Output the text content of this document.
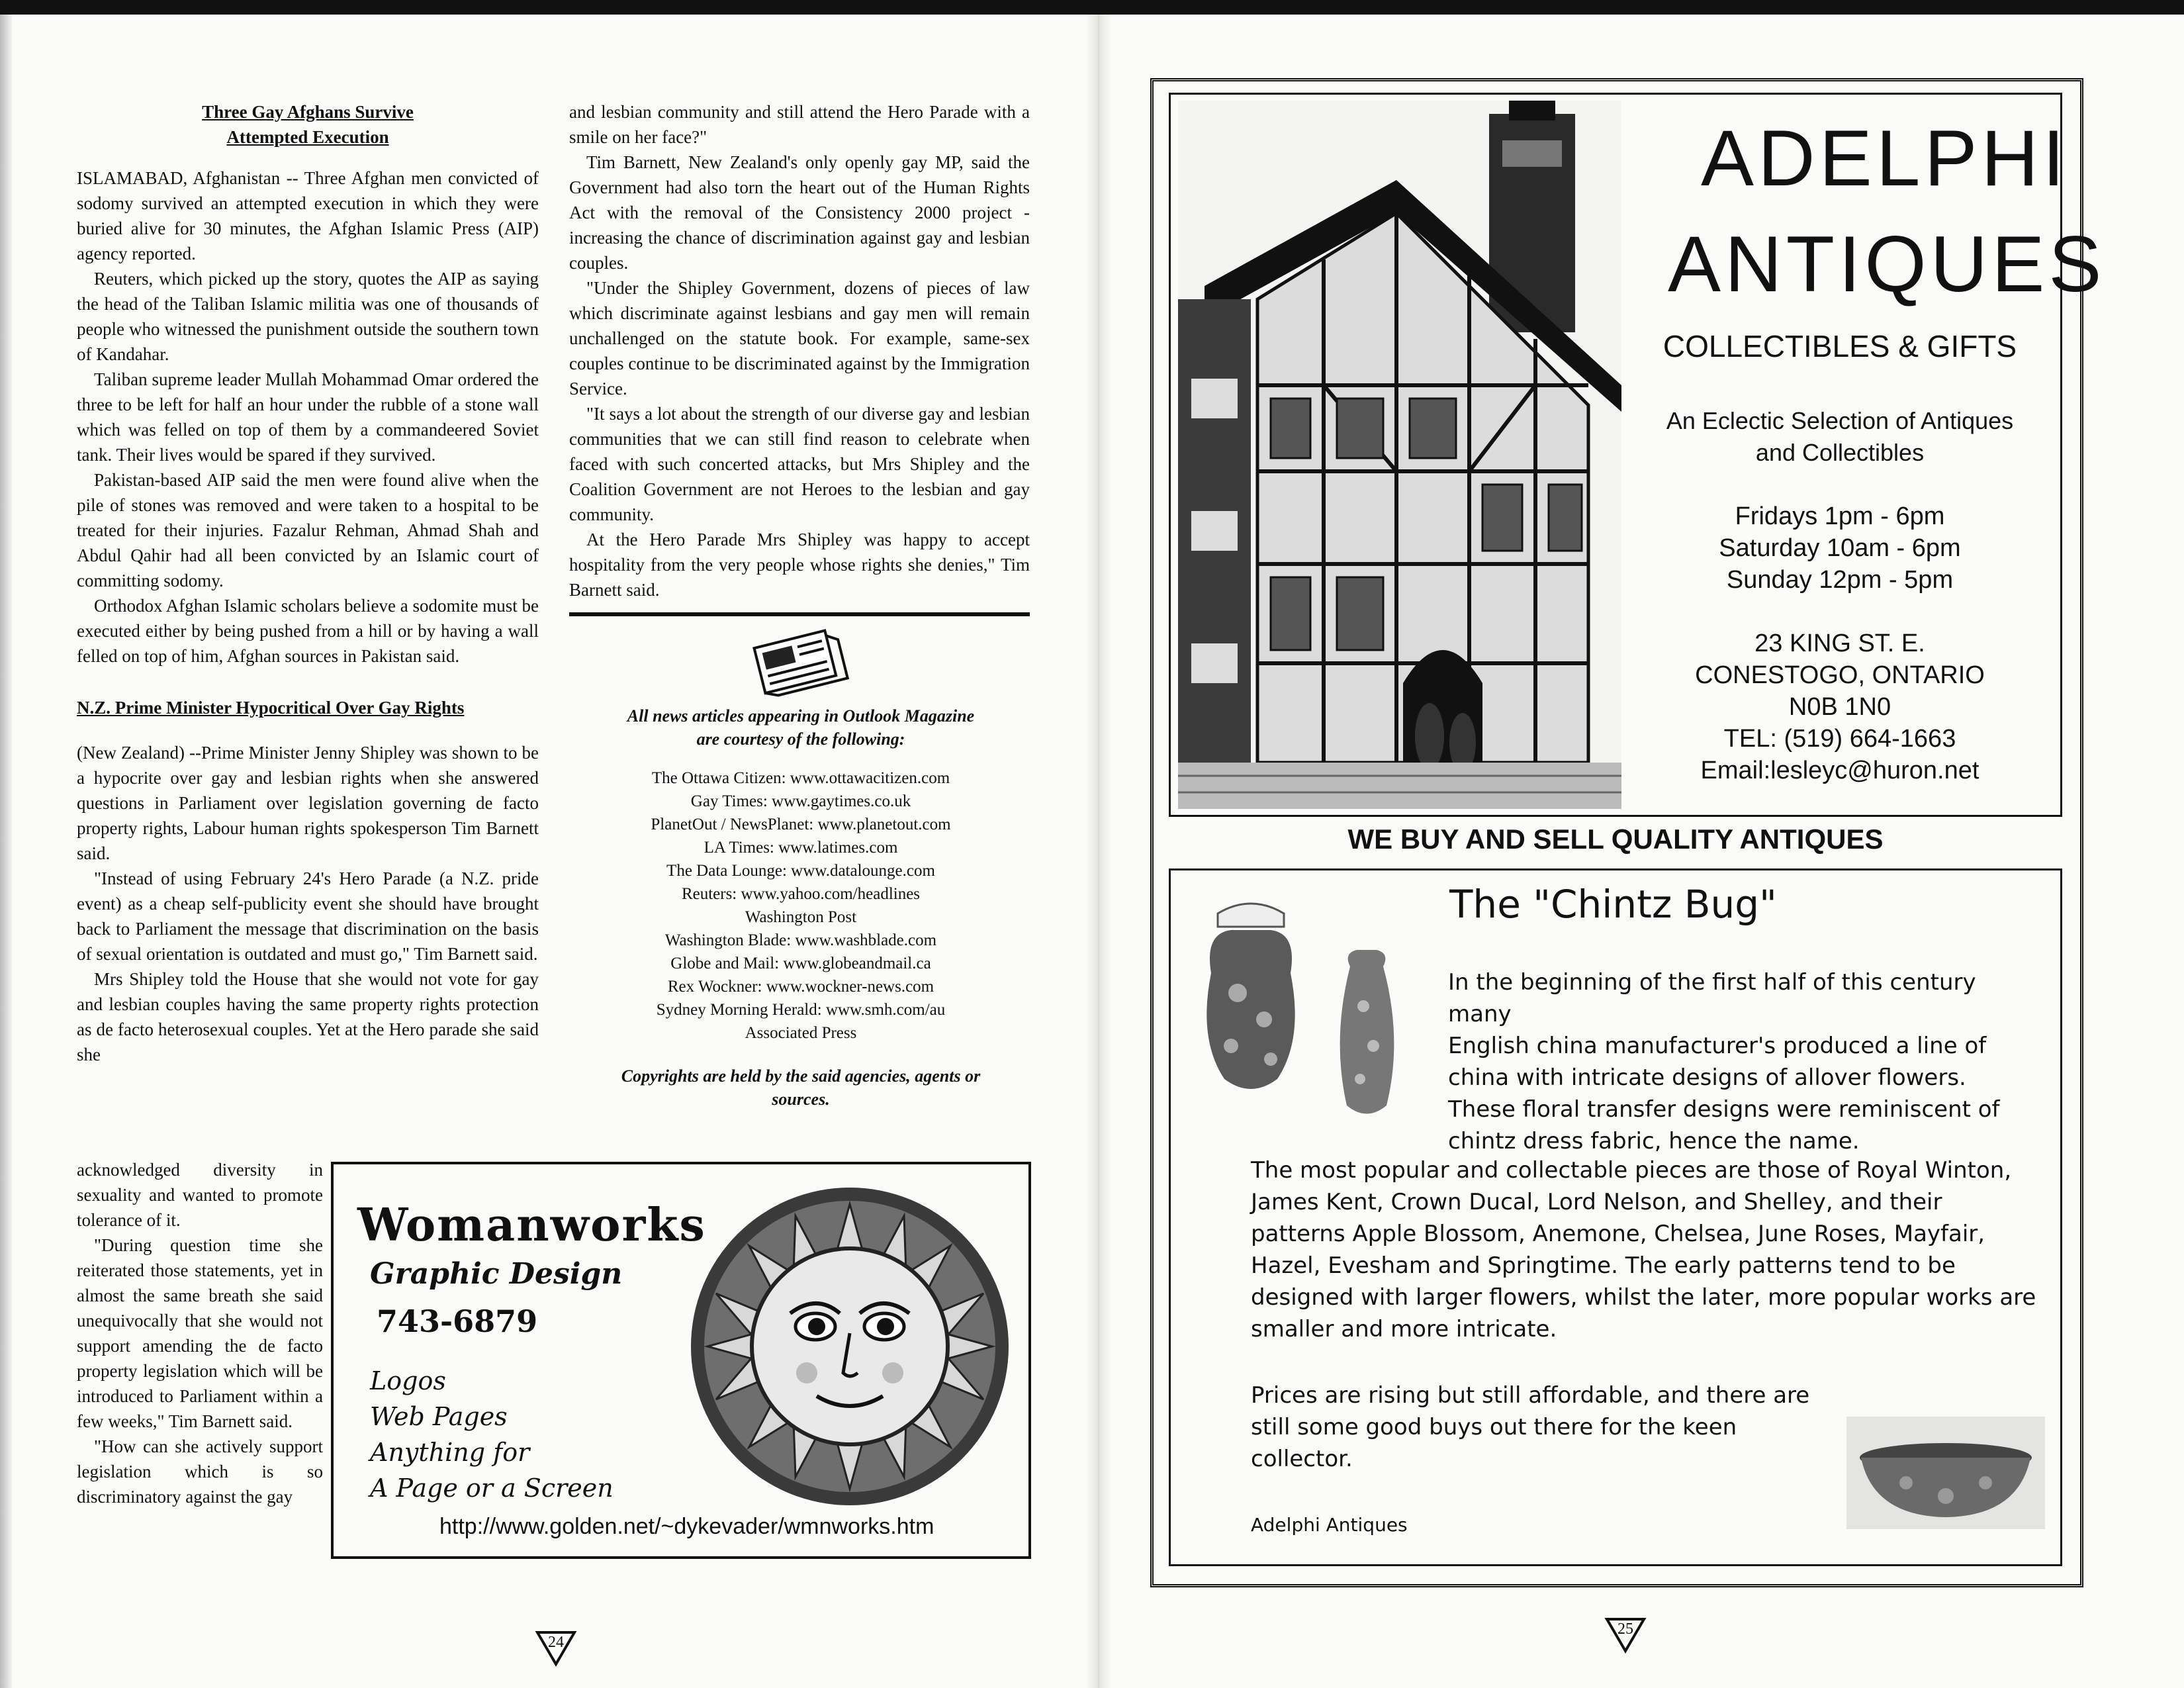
Three Gay Afghans Survive

Attempted Execution

ISLAMABAD, Afghanistan -- Three Afghan men convicted of sodomy survived an attempted execution in which they were buried alive for 30 minutes, the Afghan Islamic Press (AIP) agency reported.

Reuters, which picked up the story, quotes the AIP as saying the head of the Taliban Islamic militia was one of thousands of people who witnessed the punishment outside the southern town of Kandahar.

Taliban supreme leader Mullah Mohammad Omar ordered the three to be left for half an hour under the rubble of a stone wall which was felled on top of them by a commandeered Soviet tank. Their lives would be spared if they survived.

Pakistan-based AIP said the men were found alive when the pile of stones was removed and were taken to a hospital to be treated for their injuries. Fazalur Rehman, Ahmad Shah and Abdul Qahir had all been convicted by an Islamic court of committing sodomy.

Orthodox Afghan Islamic scholars believe a sodomite must be executed either by being pushed from a hill or by having a wall felled on top of him, Afghan sources in Pakistan said.

N.Z. Prime Minister Hypocritical Over Gay Rights

(New Zealand) --Prime Minister Jenny Shipley was shown to be a hypocrite over gay and lesbian rights when she answered questions in Parliament over legislation governing de facto property rights, Labour human rights spokesperson Tim Barnett said.

"Instead of using February 24's Hero Parade (a N.Z. pride event) as a cheap self-publicity event she should have brought back to Parliament the message that discrimination on the basis of sexual orientation is outdated and must go," Tim Barnett said.

Mrs Shipley told the House that she would not vote for gay and lesbian couples having the same property rights protection as de facto heterosexual couples. Yet at the Hero parade she said she

acknowledged diversity in sexuality and wanted to promote tolerance of it.

"During question time she reiterated those statements, yet in almost the same breath she said unequivocally that she would not support amending the de facto property legislation which will be introduced to Parliament within a few weeks," Tim Barnett said.

"How can she actively support legislation which is so discriminatory against the gay

and lesbian community and still attend the Hero Parade with a smile on her face?"

Tim Barnett, New Zealand's only openly gay MP, said the Government had also torn the heart out of the Human Rights Act with the removal of the Consistency 2000 project - increasing the chance of discrimination against gay and lesbian couples.

"Under the Shipley Government, dozens of pieces of law which discriminate against lesbians and gay men will remain unchallenged on the statute book. For example, same-sex couples continue to be discriminated against by the Immigration Service.

"It says a lot about the strength of our diverse gay and lesbian communities that we can still find reason to celebrate when faced with such concerted attacks, but Mrs Shipley and the Coalition Government are not Heroes to the lesbian and gay community.

At the Hero Parade Mrs Shipley was happy to accept hospitality from the very people whose rights she denies," Tim Barnett said.

All news articles appearing in Outlook Magazine
are courtesy of the following:
The Ottawa Citizen: www.ottawacitizen.com
Gay Times: www.gaytimes.co.uk
PlanetOut / NewsPlanet: www.planetout.com
LA Times: www.latimes.com
The Data Lounge: www.datalounge.com
Reuters: www.yahoo.com/headlines
Washington Post
Washington Blade: www.washblade.com
Globe and Mail: www.globeandmail.ca
Rex Wockner: www.wockner-news.com
Sydney Morning Herald: www.smh.com/au
Associated Press
Copyrights are held by the said agencies, agents or
sources.
Womanworks
Graphic Design
743-6879
Logos
Web Pages
Anything for
A Page or a Screen
http://www.golden.net/~dykevader/wmnworks.htm
24
ADELPHI
ANTIQUES
COLLECTIBLES & GIFTS
An Eclectic Selection of Antiques
and Collectibles
Fridays 1pm - 6pm
Saturday 10am - 6pm
Sunday 12pm - 5pm
23 KING ST. E.
CONESTOGO, ONTARIO
N0B 1N0
TEL: (519) 664-1663
Email:lesleyc@huron.net
WE BUY AND SELL QUALITY ANTIQUES
The "Chintz Bug"
In the beginning of the first half of this century many
English china manufacturer's produced a line of
china with intricate designs of allover flowers.
These floral transfer designs were reminiscent of
chintz dress fabric, hence the name.
The most popular and collectable pieces are those of Royal Winton,
James Kent, Crown Ducal, Lord Nelson, and Shelley, and their
patterns Apple Blossom, Anemone, Chelsea, June Roses, Mayfair,
Hazel, Evesham and Springtime. The early patterns tend to be
designed with larger flowers, whilst the later, more popular works are
smaller and more intricate.
Prices are rising but still affordable, and there are
still some good buys out there for the keen
collector.
Adelphi Antiques
25
